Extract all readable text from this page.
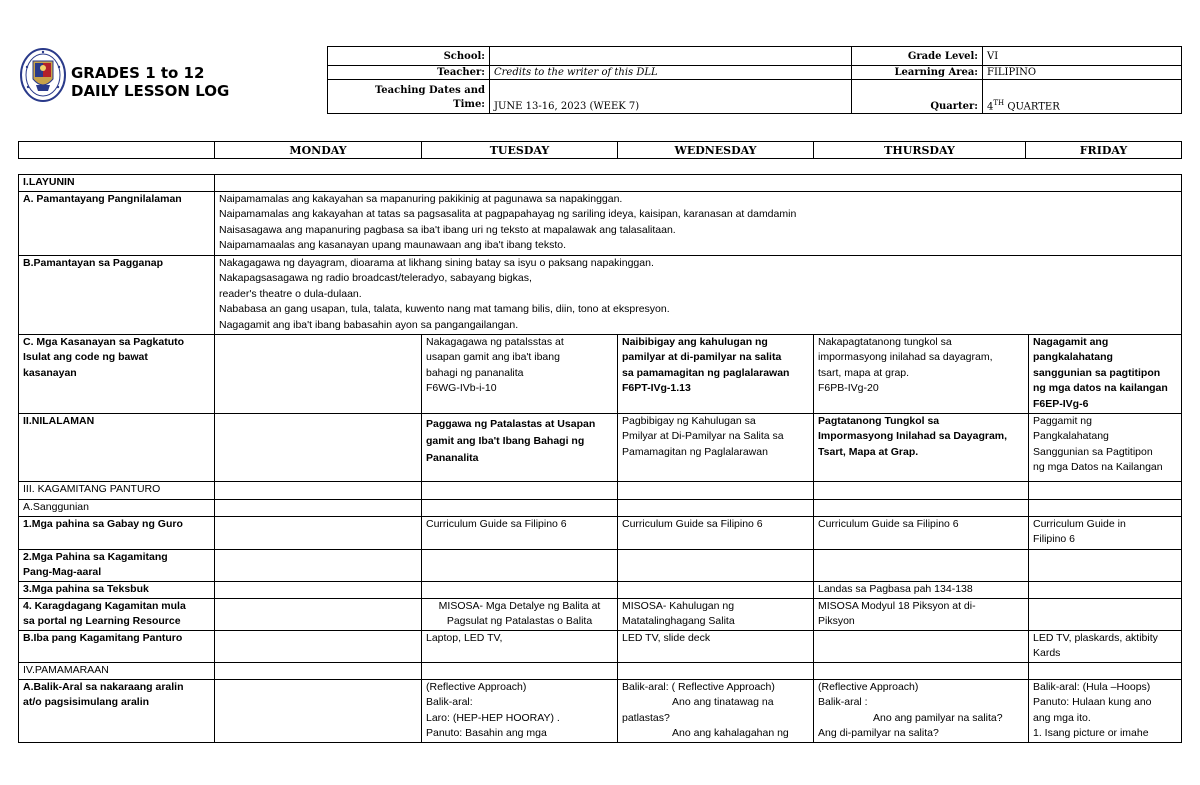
GRADES 1 to 12
DAILY LESSON LOG
School:		Grade Level:	VI
Teacher:	Credits to the writer of this DLL	Learning Area:	FILIPINO

Teaching Dates and
Time:	JUNE 13-16, 2023 (WEEK 7)	Quarter:	4TH QUARTER
	MONDAY	TUESDAY	WEDNESDAY	THURSDAY	FRIDAY
I.LAYUNIN					
A. Pamantayang Pangnilalaman	Naipamamalas ang kakayahan sa mapanuring pakikinig at pagunawa sa napakinggan.
Naipamamalas ang kakayahan at tatas sa pagsasalita at pagpapahayag ng sariling ideya, kaisipan, karanasan at damdamin
Naisasagawa ang mapanuring pagbasa sa iba't ibang uri ng teksto at mapalawak ang talasalitaan.
Naipamamaalas ang kasanayan upang maunawaan ang iba't ibang teksto.				

B.Pamantayan sa Pagganap	Nakagagawa ng dayagram, dioarama at likhang sining batay sa isyu o paksang napakinggan.
Nakapagsasagawa ng radio broadcast/teleradyo, sabayang bigkas,
reader's theatre o dula-dulaan.
Nababasa an gang usapan, tula, talata, kuwento nang mat tamang bilis, diin, tono at ekspresyon.
Nagagamit ang iba't ibang babasahin ayon sa pangangailangan.				

C. Mga Kasanayan sa Pagkatuto
Isulat ang code ng bawat
kasanayan		Nakagagawa ng patalsstas at
usapan gamit ang iba't ibang
bahagi ng pananalita
F6WG-IVb-i-10	Naibibigay ang kahulugan ng
pamilyar at di-pamilyar na salita
sa pamamagitan ng paglalarawan
F6PT-IVg-1.13	Nakapagtatanong tungkol sa
impormasyong inilahad sa dayagram,
tsart, mapa at grap.
F6PB-IVg-20	Nagagamit ang
pangkalahatang
sanggunian sa pagtitipon
ng mga datos na kailangan
F6EP-IVg-6

II.NILALAMAN		Paggawa ng Patalastas at Usapan
gamit ang Iba't Ibang Bahagi ng
Pananalita	Pagbibigay ng Kahulugan sa
Pmilyar at Di-Pamilyar na Salita sa
Pamamagitan ng Paglalarawan	Pagtatanong Tungkol sa
Impormasyong Inilahad sa Dayagram,
Tsart, Mapa at Grap.	Paggamit ng
Pangkalahatang
Sanggunian sa Pagtitipon
ng mga Datos na Kailangan

III. KAGAMITANG PANTURO					
A.Sanggunian					
1.Mga pahina sa Gabay ng Guro		Curriculum Guide sa Filipino 6	Curriculum Guide sa Filipino 6	Curriculum Guide sa Filipino 6	Curriculum Guide in
Filipino 6

2.Mga Pahina sa Kagamitang
Pang-Mag-aaral					

3.Mga pahina sa Teksbuk				Landas sa Pagbasa pah 134-138	

4. Karagdagang Kagamitan mula
sa portal ng Learning Resource		MISOSA- Mga Detalye ng Balita at
Pagsulat ng Patalastas o Balita	MISOSA- Kahulugan ng
Matatalinghagang Salita	MISOSA Modyul 18 Piksyon at di-
Piksyon	

B.Iba pang Kagamitang Panturo		Laptop, LED TV,	LED TV, slide deck		LED TV, plaskards, aktibity
Kards

IV.PAMAMARAAN					

A.Balik-Aral sa nakaraang aralin
at/o pagsisimulang aralin		(Reflective Approach)
Balik-aral:
Laro: (HEP-HEP HOORAY) .
Panuto: Basahin ang mga	Balik-aral: ( Reflective Approach)
Ano ang tinatawag na
patlastas?
Ano ang kahalagahan ng	(Reflective Approach)
Balik-aral :
Ano ang pamilyar na salita?
Ang di-pamilyar na salita?	Balik-aral: (Hula –Hoops)
Panuto: Hulaan kung ano
ang mga ito.
1. Isang picture or imahe
